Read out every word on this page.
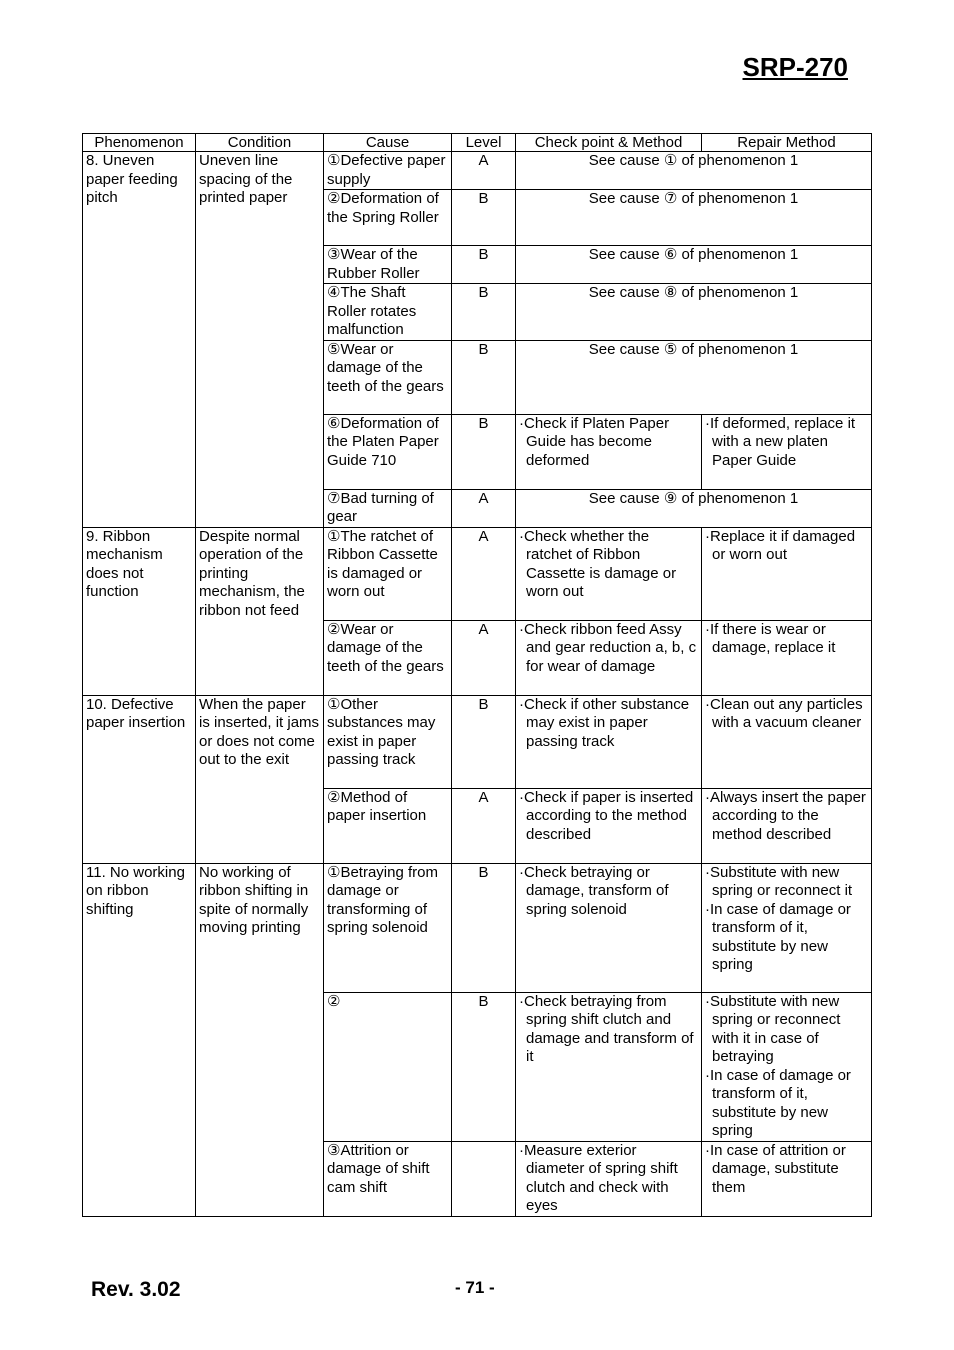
SRP-270
Phenomenon	Condition	Cause	Level	Check point & Method	Repair Method
8. Uneven paper feeding pitch	Uneven line spacing of the printed paper	①Defective paper supply	A	See cause ① of phenomenon 1	
		②Deformation of the Spring Roller	B	See cause ⑦ of phenomenon 1	
		③Wear of the Rubber Roller	B	See cause ⑥ of phenomenon 1	
		④The Shaft Roller rotates malfunction	B	See cause ⑧ of phenomenon 1	
		⑤Wear or damage of the teeth of the gears	B	See cause ⑤ of phenomenon 1	
		⑥Deformation of the Platen Paper Guide 710	B	·Check if Platen Paper Guide has become deformed	·If deformed, replace it with a new platen Paper Guide

		⑦Bad turning of gear	A	See cause ⑨ of phenomenon 1	
9. Ribbon mechanism does not function	Despite normal operation of the printing mechanism, the ribbon not feed	①The ratchet of Ribbon Cassette is damaged or worn out	A	·Check whether the ratchet of Ribbon Cassette is damage or worn out	·Replace it if damaged or worn out

		②Wear or damage of the teeth of the gears	A	·Check ribbon feed Assy and gear reduction a, b, c for wear of damage	·If there is wear or damage, replace it

10. Defective paper insertion	When the paper is inserted, it jams or does not come out to the exit	①Other substances may exist in paper passing track	B	·Check if other substance may exist in paper passing track	·Clean out any particles with a vacuum cleaner

		②Method of paper insertion	A	·Check if paper is inserted according to the method described	·Always insert the paper according to the method described

11. No working on ribbon shifting	No working of ribbon shifting in spite of normally moving printing	①Betraying from damage or transforming of spring solenoid	B	·Check betraying or damage, transform of spring solenoid	·Substitute with new spring or reconnect it
·In case of damage or transform of it, substitute by new spring

		②	B	·Check betraying from spring shift clutch and damage and transform of it	·Substitute with new spring or reconnect with it in case of betraying
·In case of damage or transform of it, substitute by new spring

		③Attrition or damage of shift cam shift		·Measure exterior diameter of spring shift clutch and check with eyes	·In case of attrition or damage, substitute them
Rev. 3.02	- 71 -
